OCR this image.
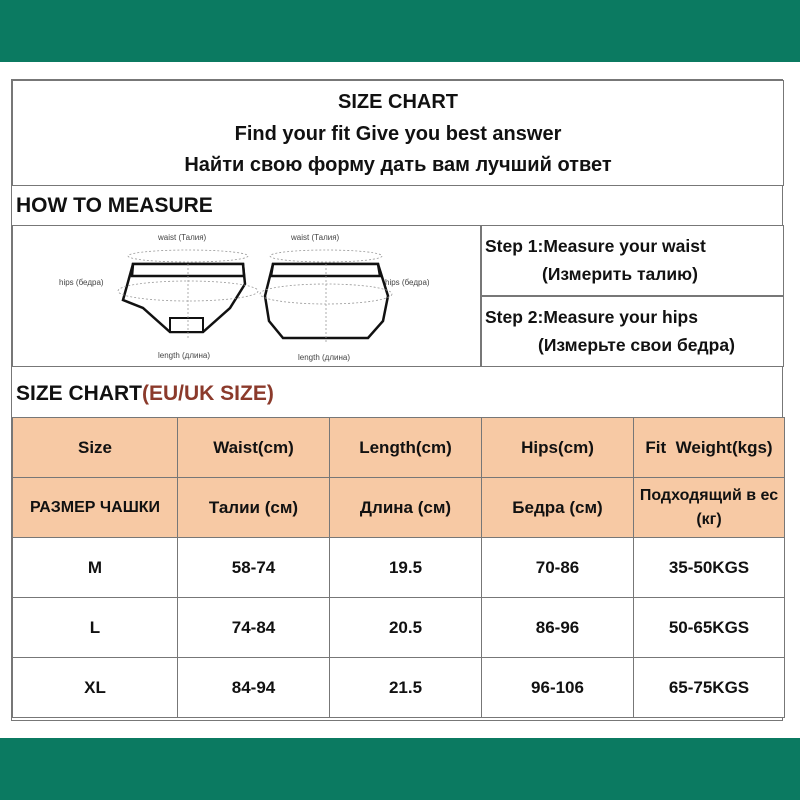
SIZE CHART
Find your fit Give you best answer
Найти свою форму дать вам лучший ответ
HOW TO MEASURE
waist (Талия)
hips (бедра)
length (длина)
waist (Талия)
hips (бедра)
length (длина)
Step 1:Measure your waist
(Измерить талию)
Step 2:Measure your hips
(Измерьте свои бедра)
SIZE CHART(EU/UK SIZE)
Size	Waist(cm)	Length(cm)	Hips(cm)	Fit  Weight(kgs)
РАЗМЕР ЧАШКИ	Талии (см)	Длина (см)	Бедра (см)	Подходящий в ес (кг)
M	58-74	19.5	70-86	35-50KGS
L	74-84	20.5	86-96	50-65KGS
XL	84-94	21.5	96-106	65-75KGS
